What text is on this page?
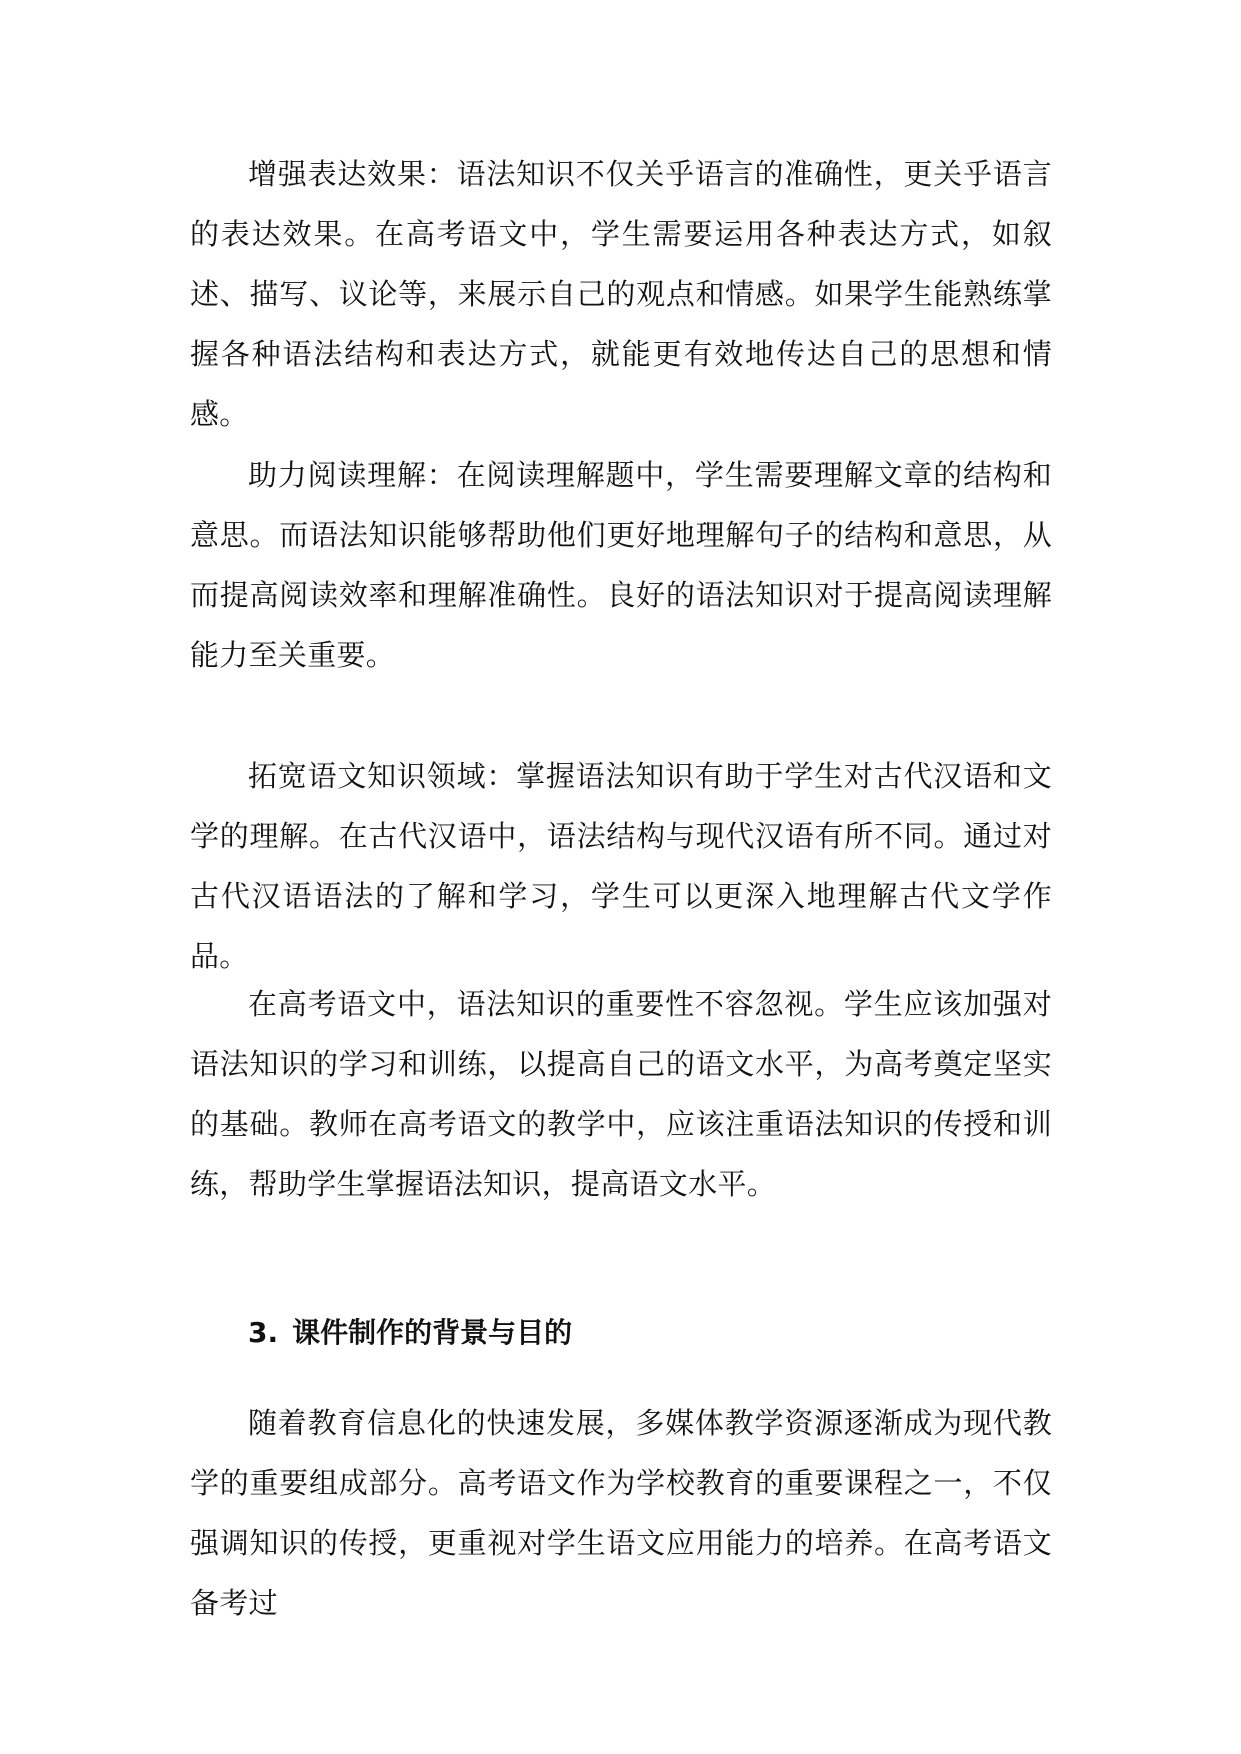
增强表达效果：语法知识不仅关乎语言的准确性，更关乎语言的表达效果。在高考语文中，学生需要运用各种表达方式，如叙述、描写、议论等，来展示自己的观点和情感。如果学生能熟练掌握各种语法结构和表达方式，就能更有效地传达自己的思想和情感。

助力阅读理解：在阅读理解题中，学生需要理解文章的结构和意思。而语法知识能够帮助他们更好地理解句子的结构和意思，从而提高阅读效率和理解准确性。良好的语法知识对于提高阅读理解能力至关重要。

拓宽语文知识领域：掌握语法知识有助于学生对古代汉语和文学的理解。在古代汉语中，语法结构与现代汉语有所不同。通过对古代汉语语法的了解和学习，学生可以更深入地理解古代文学作品。

在高考语文中，语法知识的重要性不容忽视。学生应该加强对语法知识的学习和训练，以提高自己的语文水平，为高考奠定坚实的基础。教师在高考语文的教学中，应该注重语法知识的传授和训练，帮助学生掌握语法知识，提高语文水平。

3. 课件制作的背景与目的

随着教育信息化的快速发展，多媒体教学资源逐渐成为现代教学的重要组成部分。高考语文作为学校教育的重要课程之一，不仅强调知识的传授，更重视对学生语文应用能力的培养。在高考语文备考过
